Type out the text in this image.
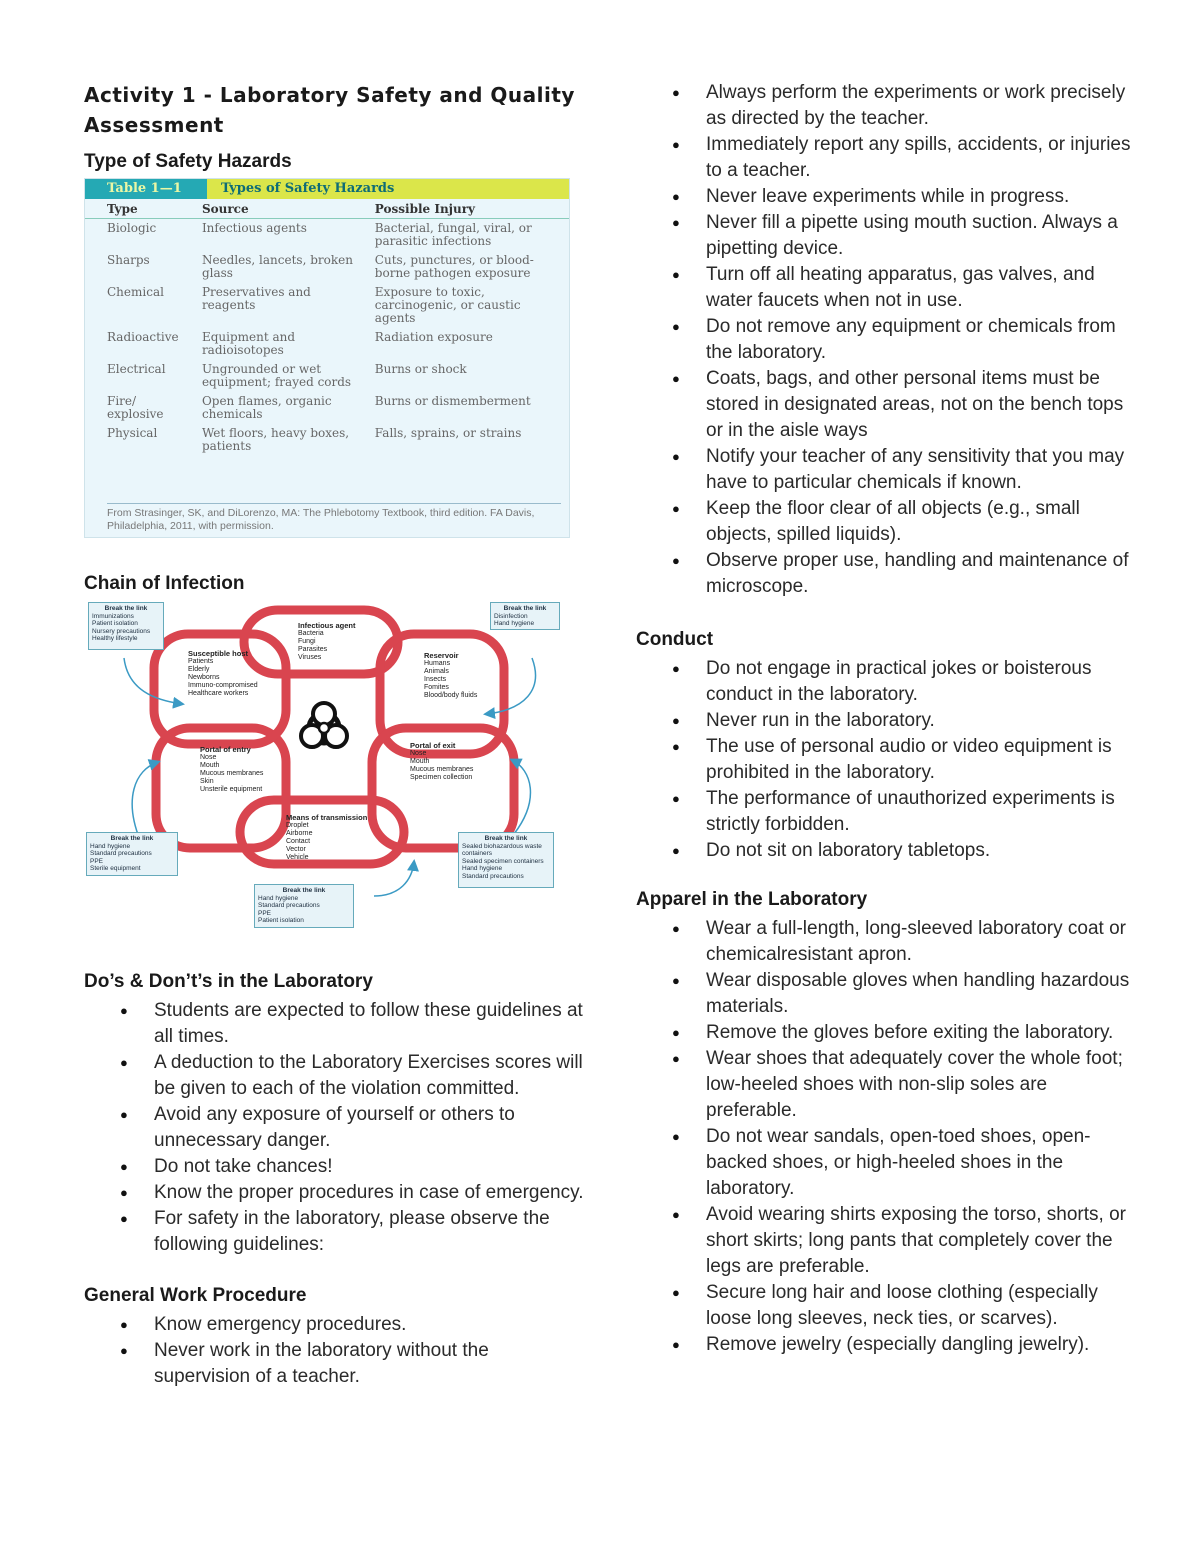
Activity 1 - Laboratory Safety and Quality Assessment
Type of Safety Hazards
Table 1—1	Types of Safety Hazards
Type	Source	Possible Injury
Biologic	Infectious agents	Bacterial, fungal, viral, or parasitic infections
Sharps	Needles, lancets, broken glass	Cuts, punctures, or blood-borne pathogen exposure
Chemical	Preservatives and reagents	Exposure to toxic, carcinogenic, or caustic agents
Radioactive	Equipment and radioisotopes	Radiation exposure
Electrical	Ungrounded or wet equipment; frayed cords	Burns or shock
Fire/ explosive	Open flames, organic chemicals	Burns or dismemberment
Physical	Wet floors, heavy boxes, patients	Falls, sprains, or strains
From Strasinger, SK, and DiLorenzo, MA: The Phlebotomy Textbook, third edition. FA Davis, Philadelphia, 2011, with permission.
Chain of Infection
Infectious agent
Bacteria
Fungi
Parasites
Viruses	Reservoir
Humans
Animals
Insects
Fomites
Blood/body fluids
Portal of exit
Nose
Mouth
Mucous membranes
Specimen collection
Means of transmission
Droplet
Airborne
Contact
Vector
Vehicle
Portal of entry
Nose
Mouth
Mucous membranes
Skin
Unsterile equipment
Susceptible host
Patients
Elderly
Newborns
Immuno-compromised
Healthcare workers
Break the link
Immunizations
Patient isolation
Nursery precautions
Healthy lifestyle
Break the link
Disinfection
Hand hygiene
Break the link
Hand hygiene
Standard precautions
PPE
Sterile equipment
Break the link
Sealed biohazardous waste containers
Sealed specimen containers
Hand hygiene
Standard precautions
Break the link
Hand hygiene
Standard precautions
PPE
Patient isolation
Do’s & Don’t’s in the Laboratory
● Students are expected to follow these guidelines at all times.
● A deduction to the Laboratory Exercises scores will be given to each of the violation committed.
● Avoid any exposure of yourself or others to unnecessary danger.
● Do not take chances!
● Know the proper procedures in case of emergency.
● For safety in the laboratory, please observe the following guidelines:
General Work Procedure
● Know emergency procedures.
● Never work in the laboratory without the supervision of a teacher.
● Always perform the experiments or work precisely as directed by the teacher.
● Immediately report any spills, accidents, or injuries to a teacher.
● Never leave experiments while in progress.
● Never fill a pipette using mouth suction. Always a pipetting device.
● Turn off all heating apparatus, gas valves, and water faucets when not in use.
● Do not remove any equipment or chemicals from the laboratory.
● Coats, bags, and other personal items must be stored in designated areas, not on the bench tops or in the aisle ways
● Notify your teacher of any sensitivity that you may have to particular chemicals if known.
● Keep the floor clear of all objects (e.g., small objects, spilled liquids).
● Observe proper use, handling and maintenance of microscope.
Conduct
● Do not engage in practical jokes or boisterous conduct in the laboratory.
● Never run in the laboratory.
● The use of personal audio or video equipment is prohibited in the laboratory.
● The performance of unauthorized experiments is strictly forbidden.
● Do not sit on laboratory tabletops.
Apparel in the Laboratory
● Wear a full-length, long-sleeved laboratory coat or chemicalresistant apron.
● Wear disposable gloves when handling hazardous materials.
● Remove the gloves before exiting the laboratory.
● Wear shoes that adequately cover the whole foot; low-heeled shoes with non-slip soles are preferable.
● Do not wear sandals, open-toed shoes, open-backed shoes, or high-heeled shoes in the laboratory.
● Avoid wearing shirts exposing the torso, shorts, or short skirts; long pants that completely cover the legs are preferable.
● Secure long hair and loose clothing (especially loose long sleeves, neck ties, or scarves).
● Remove jewelry (especially dangling jewelry).
